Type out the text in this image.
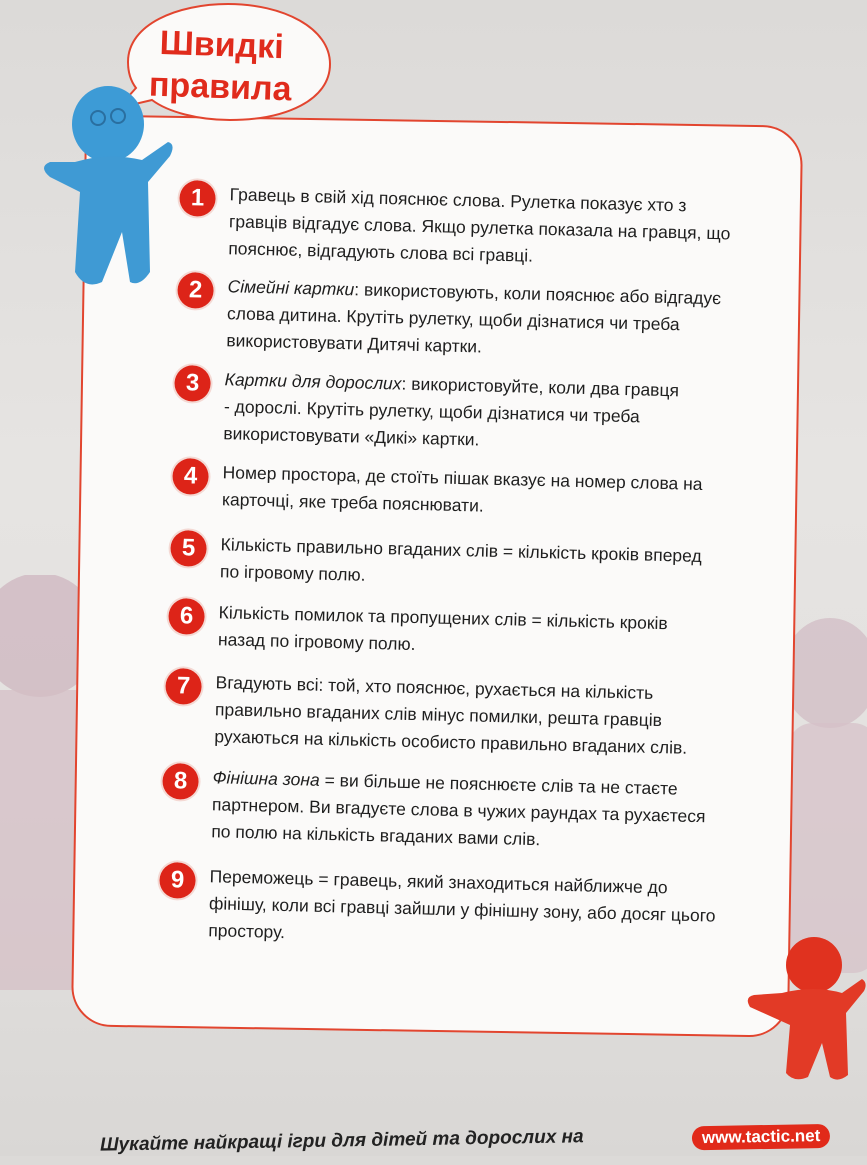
Швидкі
правила
1	Гравець в свій хід пояснює слова. Рулетка показує хто з
гравців відгадує слова. Якщо рулетка показала на гравця, що
пояснює, відгадують слова всі гравці.
2	Сімейні картки: використовують, коли пояснює або відгадує
слова дитина. Крутіть рулетку, щоби дізнатися чи треба
використовувати Дитячі картки.
3	Картки для дорослих: використовуйте, коли два гравця
- дорослі. Крутіть рулетку, щоби дізнатися чи треба
використовувати «Дикі» картки.
4	Номер простора, де стоїть пішак вказує на номер слова на
карточці, яке треба пояснювати.
5	Кількість правильно вгаданих слів = кількість кроків вперед
по ігровому полю.
6	Кількість помилок та пропущених слів = кількість кроків
назад по ігровому полю.
7	Вгадують всі: той, хто пояснює, рухається на кількість
правильно вгаданих слів мінус помилки, решта гравців
рухаються на кількість особисто правильно вгаданих слів.
8	Фінішна зона = ви більше не пояснюєте слів та не стаєте
партнером. Ви вгадуєте слова в чужих раундах та рухаєтеся
по полю на кількість вгаданих вами слів.
9	Переможець = гравець, який знаходиться найближче до
фінішу, коли всі гравці зайшли у фінішну зону, або досяг цього
простору.
Шукайте найкращі ігри для дітей та дорослих на	www.tactic.net
